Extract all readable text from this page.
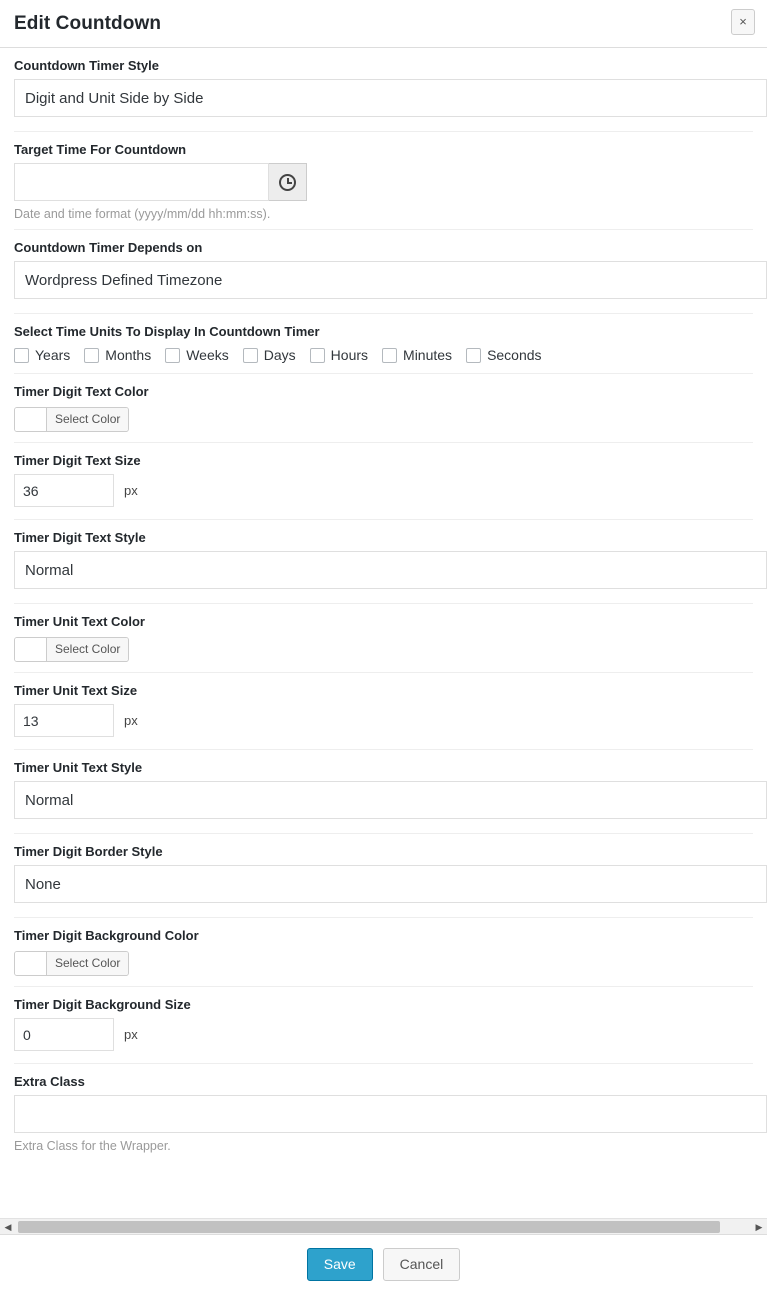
Edit Countdown	×
Countdown Timer Style
Digit and Unit Side by Side
Target Time For Countdown
Date and time format (yyyy/mm/dd hh:mm:ss).
Countdown Timer Depends on
Wordpress Defined Timezone
Select Time Units To Display In Countdown Timer
Years	Months	Weeks	Days	Hours	Minutes	Seconds
Timer Digit Text Color
Select Color
Timer Digit Text Size
36
px
Timer Digit Text Style
Normal
Timer Unit Text Color
Select Color
Timer Unit Text Size
13
px
Timer Unit Text Style
Normal
Timer Digit Border Style
None
Timer Digit Background Color
Select Color
Timer Digit Background Size
0
px
Extra Class
Extra Class for the Wrapper.
◀	▶
Save	Cancel
